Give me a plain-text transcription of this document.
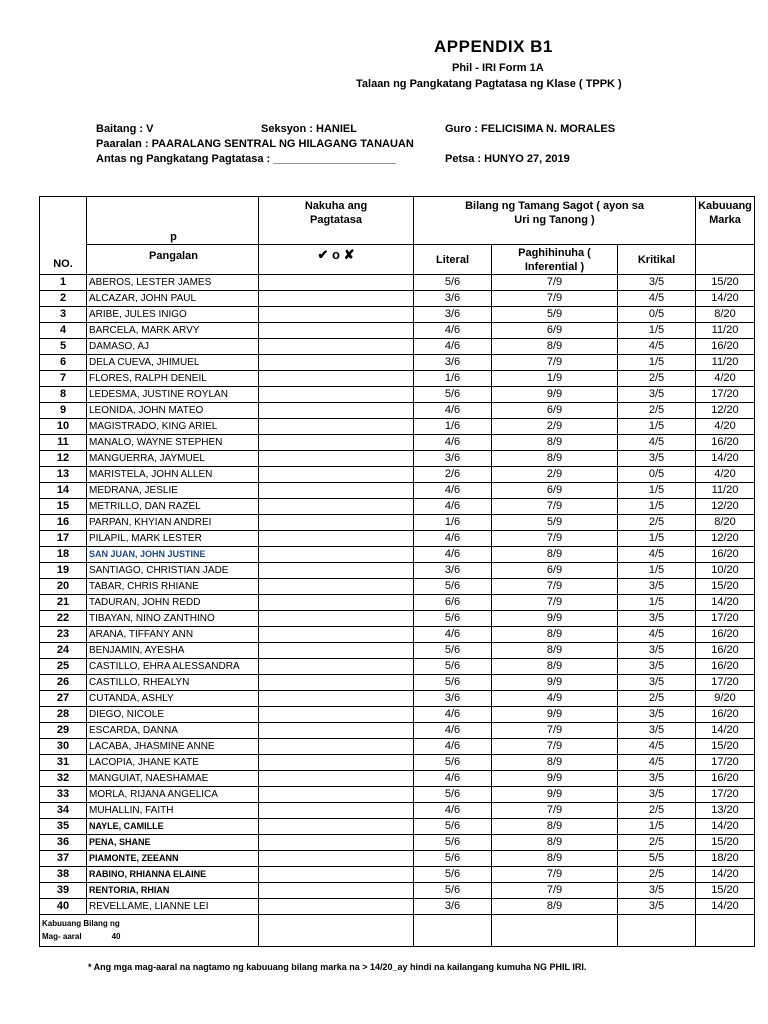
APPENDIX B1
Phil - IRI Form 1A
Talaan ng Pangkatang Pagtatasa ng Klase ( TPPK )
Baitang : V	Seksyon : HANIEL	Guro : FELICISIMA N. MORALES
Paaralan : PAARALANG SENTRAL NG HILAGANG TANAUAN
Antas ng Pangkatang Pagtatasa : ____________________	Petsa : HUNYO 27, 2019
NO.	p	Nakuha ang Pagtatasa	Bilang ng Tamang Sagot ( ayon sa Uri ng Tanong )			Kabuuang Marka
	Pangalan	✔ o ✘	Literal	Paghihinuha ( Inferential )	Kritikal	
1	ABEROS, LESTER JAMES		5/6	7/9	3/5	15/20
2	ALCAZAR, JOHN PAUL		3/6	7/9	4/5	14/20
3	ARIBE, JULES INIGO		3/6	5/9	0/5	8/20
4	BARCELA, MARK ARVY		4/6	6/9	1/5	11/20
5	DAMASO, AJ		4/6	8/9	4/5	16/20
6	DELA CUEVA, JHIMUEL		3/6	7/9	1/5	11/20
7	FLORES, RALPH DENEIL		1/6	1/9	2/5	4/20
8	LEDESMA, JUSTINE ROYLAN		5/6	9/9	3/5	17/20
9	LEONIDA, JOHN MATEO		4/6	6/9	2/5	12/20
10	MAGISTRADO, KING ARIEL		1/6	2/9	1/5	4/20
11	MANALO, WAYNE STEPHEN		4/6	8/9	4/5	16/20
12	MANGUERRA, JAYMUEL		3/6	8/9	3/5	14/20
13	MARISTELA, JOHN ALLEN		2/6	2/9	0/5	4/20
14	MEDRANA, JESLIE		4/6	6/9	1/5	11/20
15	METRILLO, DAN RAZEL		4/6	7/9	1/5	12/20
16	PARPAN, KHYIAN ANDREI		1/6	5/9	2/5	8/20
17	PILAPIL, MARK LESTER		4/6	7/9	1/5	12/20
18	SAN JUAN, JOHN JUSTINE		4/6	8/9	4/5	16/20
19	SANTIAGO, CHRISTIAN JADE		3/6	6/9	1/5	10/20
20	TABAR, CHRIS RHIANE		5/6	7/9	3/5	15/20
21	TADURAN, JOHN REDD		6/6	7/9	1/5	14/20
22	TIBAYAN, NINO ZANTHINO		5/6	9/9	3/5	17/20
23	ARANA, TIFFANY ANN		4/6	8/9	4/5	16/20
24	BENJAMIN, AYESHA		5/6	8/9	3/5	16/20
25	CASTILLO, EHRA ALESSANDRA		5/6	8/9	3/5	16/20
26	CASTILLO, RHEALYN		5/6	9/9	3/5	17/20
27	CUTANDA, ASHLY		3/6	4/9	2/5	9/20
28	DIEGO, NICOLE		4/6	9/9	3/5	16/20
29	ESCARDA, DANNA		4/6	7/9	3/5	14/20
30	LACABA, JHASMINE ANNE		4/6	7/9	4/5	15/20
31	LACOPIA, JHANE KATE		5/6	8/9	4/5	17/20
32	MANGUIAT, NAESHAMAE		4/6	9/9	3/5	16/20
33	MORLA, RIJANA ANGELICA		5/6	9/9	3/5	17/20
34	MUHALLIN, FAITH		4/6	7/9	2/5	13/20
35	NAYLE, CAMILLE		5/6	8/9	1/5	14/20
36	PENA, SHANE		5/6	8/9	2/5	15/20
37	PIAMONTE, ZEEANN		5/6	8/9	5/5	18/20
38	RABINO, RHIANNA ELAINE		5/6	7/9	2/5	14/20
39	RENTORIA, RHIAN		5/6	7/9	3/5	15/20
40	REVELLAME, LIANNE LEI		3/6	8/9	3/5	14/20

Kabuuang Bilang ng
Mag- aaral 40						

* Ang mga mag-aaral na nagtamo ng kabuuang bilang marka na > 14/20_ay hindi na kailangang kumuha NG PHIL IRI.
